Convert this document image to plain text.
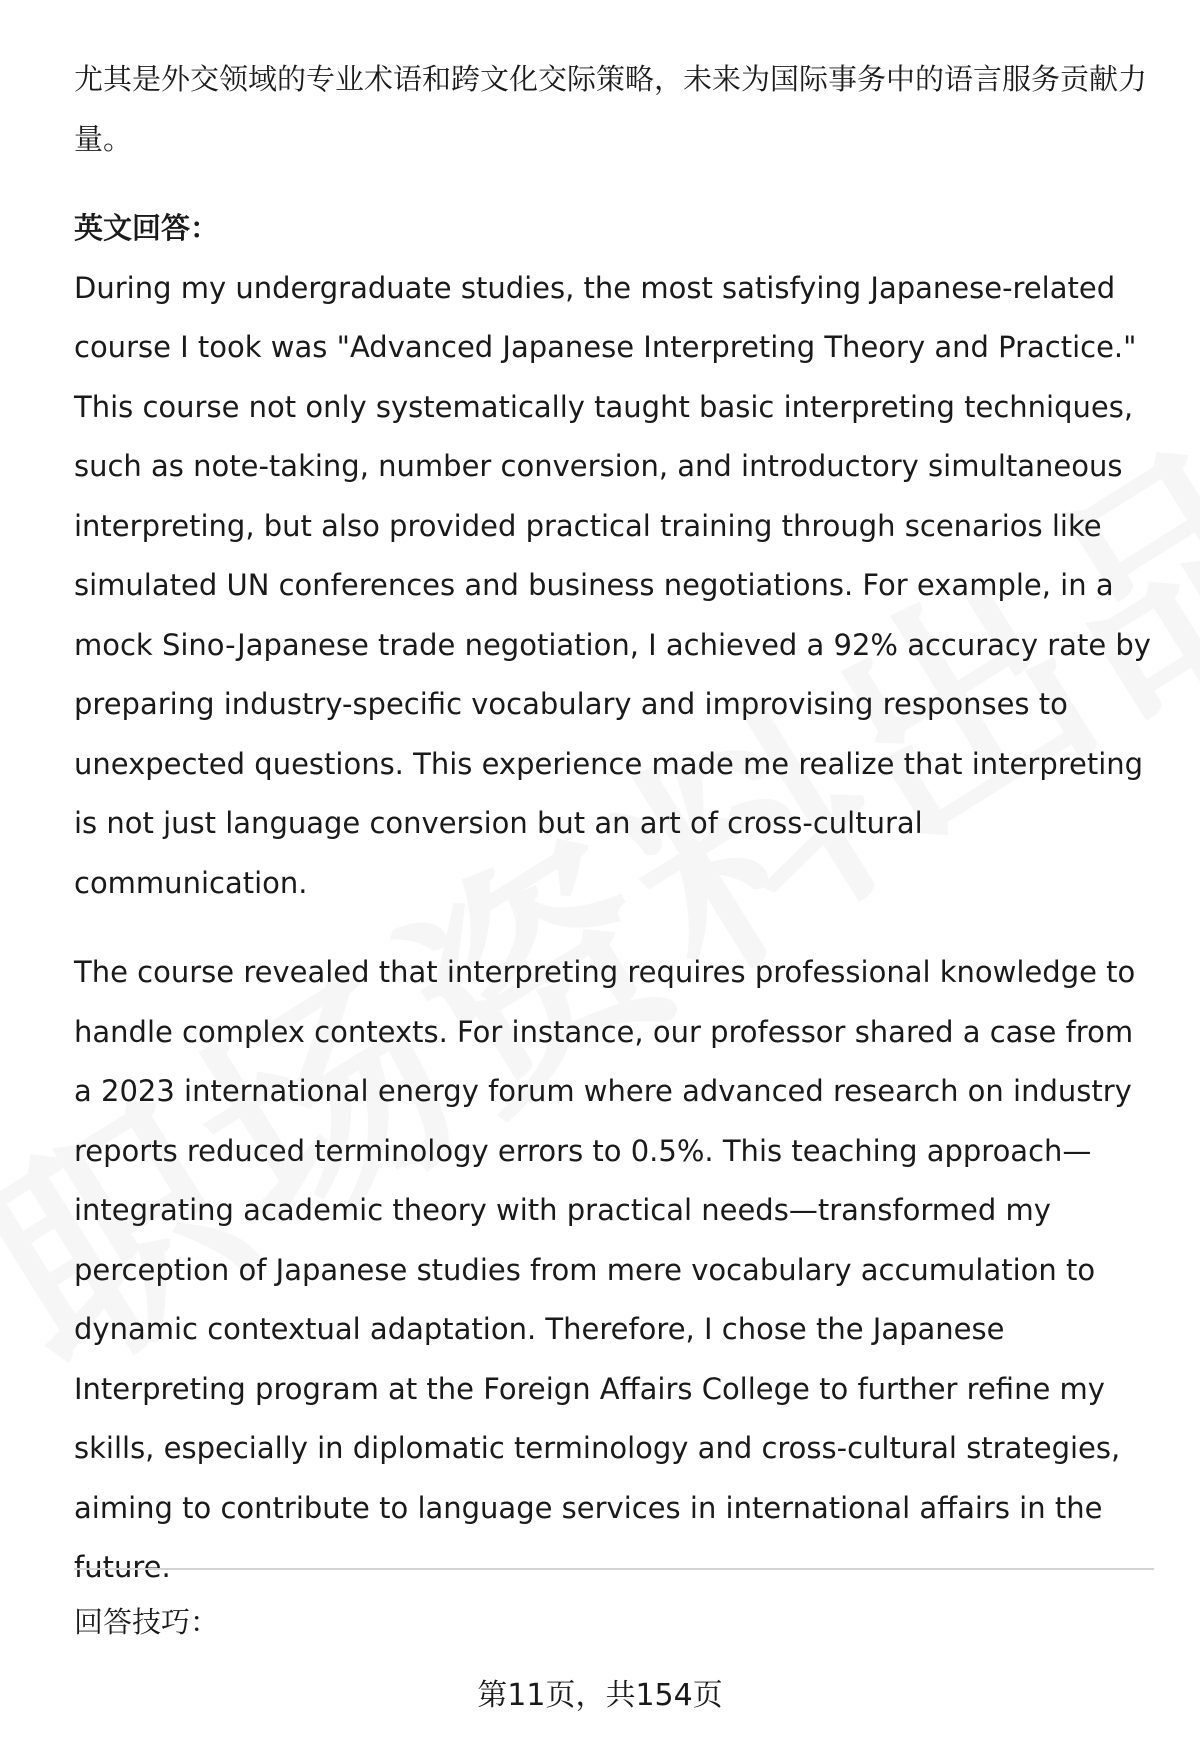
尤其是外交领域的专业术语和跨文化交际策略，未来为国际事务中的语言服务贡献力量。

英文回答：

During my undergraduate studies, the most satisfying Japanese-related course I took was "Advanced Japanese Interpreting Theory and Practice." This course not only systematically taught basic interpreting techniques, such as note-taking, number conversion, and introductory simultaneous interpreting, but also provided practical training through scenarios like simulated UN conferences and business negotiations. For example, in a mock Sino-Japanese trade negotiation, I achieved a 92% accuracy rate by preparing industry-specific vocabulary and improvising responses to unexpected questions. This experience made me realize that interpreting is not just language conversion but an art of cross-cultural communication.

The course revealed that interpreting requires professional knowledge to handle complex contexts. For instance, our professor shared a case from a 2023 international energy forum where advanced research on industry reports reduced terminology errors to 0.5%. This teaching approach—integrating academic theory with practical needs—transformed my perception of Japanese studies from mere vocabulary accumulation to dynamic contextual adaptation. Therefore, I chose the Japanese Interpreting program at the Foreign Affairs College to further refine my skills, especially in diplomatic terminology and cross-cultural strategies, aiming to contribute to language services in international affairs in the future.

回答技巧：

第11页，共154页
